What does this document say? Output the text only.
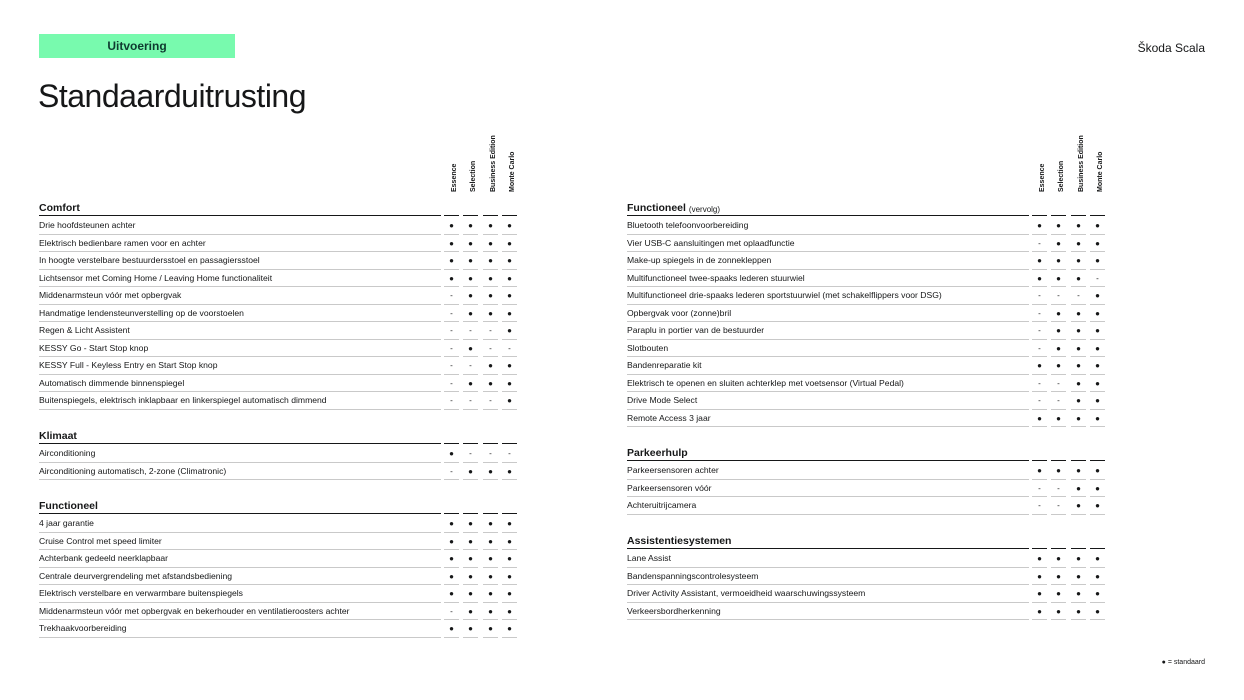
Uitvoering	Škoda Scala
Standaarduitrusting
Essence Selection Business Edition Monte Carlo
Comfort
Drie hoofdsteunen achter	●	●	●	●
Elektrisch bedienbare ramen voor en achter	●	●	●	●
In hoogte verstelbare bestuurdersstoel en passagiersstoel	●	●	●	●
Lichtsensor met Coming Home / Leaving Home functionaliteit	●	●	●	●
Middenarmsteun vóór met opbergvak	-	●	●	●
Handmatige lendensteunverstelling op de voorstoelen	-	●	●	●
Regen & Licht Assistent	-	-	-	●
KESSY Go - Start Stop knop	-	●	-	-
KESSY Full - Keyless Entry en Start Stop knop	-	-	●	●
Automatisch dimmende binnenspiegel	-	●	●	●
Buitenspiegels, elektrisch inklapbaar en linkerspiegel automatisch dimmend	-	-	-	●
Klimaat
Airconditioning	●	-	-	-
Airconditioning automatisch, 2-zone (Climatronic)	-	●	●	●
Functioneel
4 jaar garantie	●	●	●	●
Cruise Control met speed limiter	●	●	●	●
Achterbank gedeeld neerklapbaar	●	●	●	●
Centrale deurvergrendeling met afstandsbediening	●	●	●	●
Elektrisch verstelbare en verwarmbare buitenspiegels	●	●	●	●
Middenarmsteun vóór met opbergvak en bekerhouder en ventilatieroosters achter	-	●	●	●
Trekhaakvoorbereiding	●	●	●	●
Essence Selection Business Edition Monte Carlo
Functioneel (vervolg)
Bluetooth telefoonvoorbereiding	●	●	●	●
Vier USB-C aansluitingen met oplaadfunctie	-	●	●	●
Make-up spiegels in de zonnekleppen	●	●	●	●
Multifunctioneel twee-spaaks lederen stuurwiel	●	●	●	-
Multifunctioneel drie-spaaks lederen sportstuurwiel (met schakelflippers voor DSG)	-	-	-	●
Opbergvak voor (zonne)bril	-	●	●	●
Paraplu in portier van de bestuurder	-	●	●	●
Slotbouten	-	●	●	●
Bandenreparatie kit	●	●	●	●
Elektrisch te openen en sluiten achterklep met voetsensor (Virtual Pedal)	-	-	●	●
Drive Mode Select	-	-	●	●
Remote Access 3 jaar	●	●	●	●
Parkeerhulp
Parkeersensoren achter	●	●	●	●
Parkeersensoren vóór	-	-	●	●
Achteruitrijcamera	-	-	●	●
Assistentiesystemen
Lane Assist	●	●	●	●
Bandenspanningscontrolesysteem	●	●	●	●
Driver Activity Assistant, vermoeidheid waarschuwingssysteem	●	●	●	●
Verkeersbordherkenning	●	●	●	●
● = standaard
